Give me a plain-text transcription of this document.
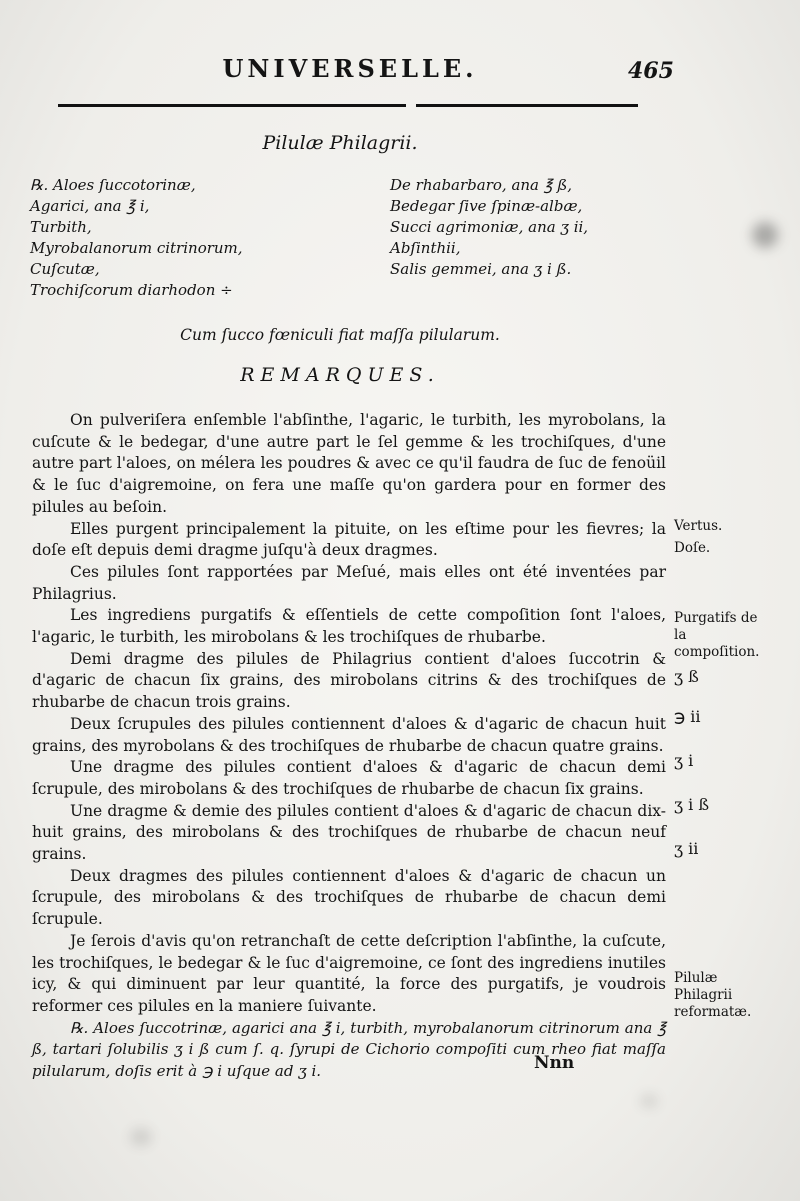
UNIVERSELLE.	465
Pilulæ Philagrii.
℞. Aloes ſuccotorinæ,
Agarici, ana ℥ i,
Turbith,
Myrobalanorum citrinorum,
Cuſcutæ,
Trochiſcorum diarhodon ÷
De rhabarbaro, ana ℥ ß,
Bedegar ſive ſpinæ-albæ,
Succi agrimoniæ, ana ʒ ii,
Abſinthii,
Salis gemmei, ana ʒ i ß.
Cum ſucco fœniculi fiat maſſa pilularum.
REMARQUES.

On pulveriſera enſemble l'abſinthe, l'agaric, le turbith, les myrobolans, la cuſcute & le bedegar, d'une autre part le ſel gemme & les trochiſques, d'une autre part l'aloes, on mélera les poudres & avec ce qu'il faudra de ſuc de fenoüil & le ſuc d'aigremoine, on fera une maſſe qu'on gardera pour en former des pilules au beſoin.

Elles purgent principalement la pituite, on les eſtime pour les fievres; la doſe eſt depuis demi dragme juſqu'à deux dragmes.

Ces pilules ſont rapportées par Meſué, mais elles ont été inventées par Philagrius.

Les ingrediens purgatifs & eſſentiels de cette compoſition ſont l'aloes, l'agaric, le turbith, les mirobolans & les trochiſques de rhubarbe.

Demi dragme des pilules de Philagrius contient d'aloes ſuccotrin & d'agaric de chacun ſix grains, des mirobolans citrins & des trochiſques de rhubarbe de chacun trois grains.

Deux ſcrupules des pilules contiennent d'aloes & d'agaric de chacun huit grains, des myrobolans & des trochiſques de rhubarbe de chacun quatre grains.

Une dragme des pilules contient d'aloes & d'agaric de chacun demi ſcrupule, des mirobolans & des trochiſques de rhubarbe de chacun ſix grains.

Une dragme & demie des pilules contient d'aloes & d'agaric de chacun dix-huit grains, des mirobolans & des trochiſques de rhubarbe de chacun neuf grains.

Deux dragmes des pilules contiennent d'aloes & d'agaric de chacun un ſcrupule, des mirobolans & des trochiſques de rhubarbe de chacun demi ſcrupule.

Je ſerois d'avis qu'on retranchaſt de cette deſcription l'abſinthe, la cuſcute, les trochiſques, le bedegar & le ſuc d'aigremoine, ce ſont des ingrediens inutiles icy, & qui diminuent par leur quantité, la force des purgatifs, je voudrois reformer ces pilules en la maniere ſuivante.

℞. Aloes ſuccotrinæ, agarici ana ℥ i, turbith, myrobalanorum citrinorum ana ℥ ß, tartari ſolubilis ʒ i ß cum ſ. q. ſyrupi de Cichorio compoſiti cum rheo fiat maſſa pilularum, doſis erit à ℈ i uſque ad ʒ i.

Vertus.
Doſe.
Purgatifs de la compoſition.
ʒ ß
℈ ii
ʒ i
ʒ i ß
ʒ ii
Pilulæ Philagrii reformatæ.
Nnn
